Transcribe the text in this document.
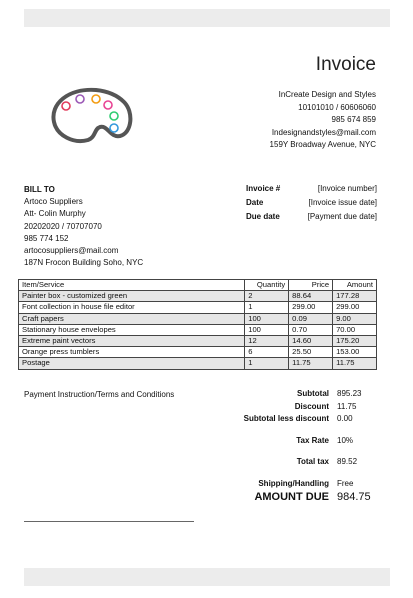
Invoice
InCreate Design and Styles
10101010 / 60606060
985 674 859
Indesignandstyles@mail.com
159Y Broadway Avenue, NYC
BILL TO
Artoco Suppliers
Att- Colin Murphy
20202020 / 70707070
985 774 152
artocosuppliers@mail.com
187N Frocon Building Soho, NYC
Invoice #	[Invoice number]
Date	[Invoice issue date]
Due date	[Payment due date]
Item/Service	Quantity	Price	Amount
Painter box - customized green	2	88.64	177.28
Font collection in house file editor	1	299.00	299.00
Craft papers	100	0.09	9.00
Stationary house envelopes	100	0.70	70.00
Extreme paint vectors	12	14.60	175.20
Orange press tumblers	6	25.50	153.00
Postage	1	11.75	11.75
Payment Instruction/Terms and Conditions	Subtotal 895.23
Discount 11.75
Subtotal less discount 0.00
Tax Rate 10%
Total tax 89.52
Shipping/Handling Free
AMOUNT DUE 984.75
